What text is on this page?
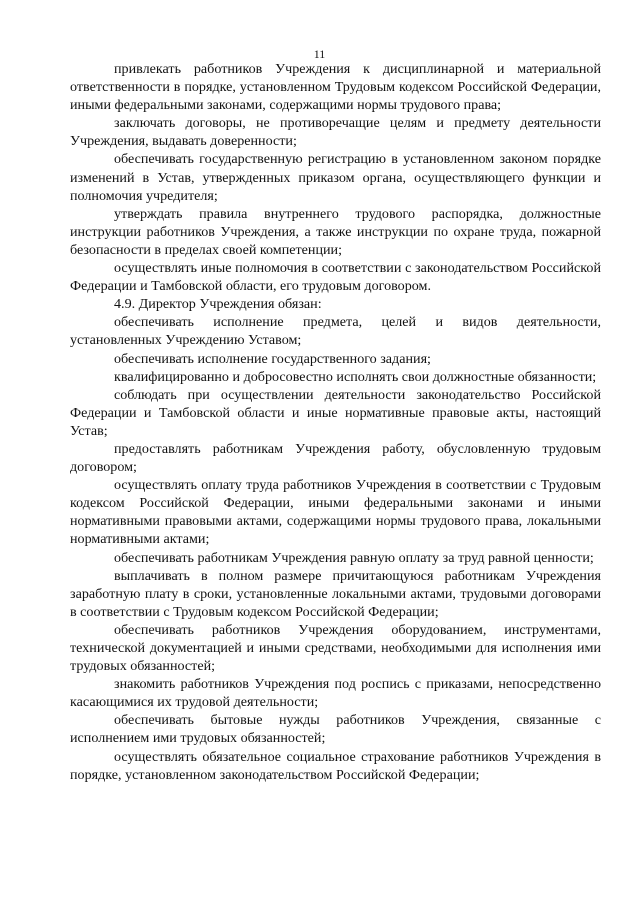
11

привлекать работников Учреждения к дисциплинарной и материальной ответственности в порядке, установленном Трудовым кодексом Российской Федерации, иными федеральными законами, содержащими нормы трудового права;

заключать договоры, не противоречащие целям и предмету деятельности Учреждения, выдавать доверенности;

обеспечивать государственную регистрацию в установленном законом порядке изменений в Устав, утвержденных приказом органа, осуществляющего функции и полномочия учредителя;

утверждать правила внутреннего трудового распорядка, должностные инструкции работников Учреждения, а также инструкции по охране труда, пожарной безопасности в пределах своей компетенции;

осуществлять иные полномочия в соответствии с законодательством Российской Федерации и Тамбовской области, его трудовым договором.

4.9. Директор Учреждения обязан:

обеспечивать исполнение предмета, целей и видов деятельности, установленных Учреждению Уставом;

обеспечивать исполнение государственного задания;

квалифицированно и добросовестно исполнять свои должностные обязанности;

соблюдать при осуществлении деятельности законодательство Российской Федерации и Тамбовской области и иные нормативные правовые акты, настоящий Устав;

предоставлять работникам Учреждения работу, обусловленную трудовым договором;

осуществлять оплату труда работников Учреждения в соответствии с Трудовым кодексом Российской Федерации, иными федеральными законами и иными нормативными правовыми актами, содержащими нормы трудового права, локальными нормативными актами;

обеспечивать работникам Учреждения равную оплату за труд равной ценности;

выплачивать в полном размере причитающуюся работникам Учреждения заработную плату в сроки, установленные локальными актами, трудовыми договорами в соответствии с Трудовым кодексом Российской Федерации;

обеспечивать работников Учреждения оборудованием, инструментами, технической документацией и иными средствами, необходимыми для исполнения ими трудовых обязанностей;

знакомить работников Учреждения под роспись с приказами, непосредственно касающимися их трудовой деятельности;

обеспечивать бытовые нужды работников Учреждения, связанные с исполнением ими трудовых обязанностей;

осуществлять обязательное социальное страхование работников Учреждения в порядке, установленном законодательством Российской Федерации;
